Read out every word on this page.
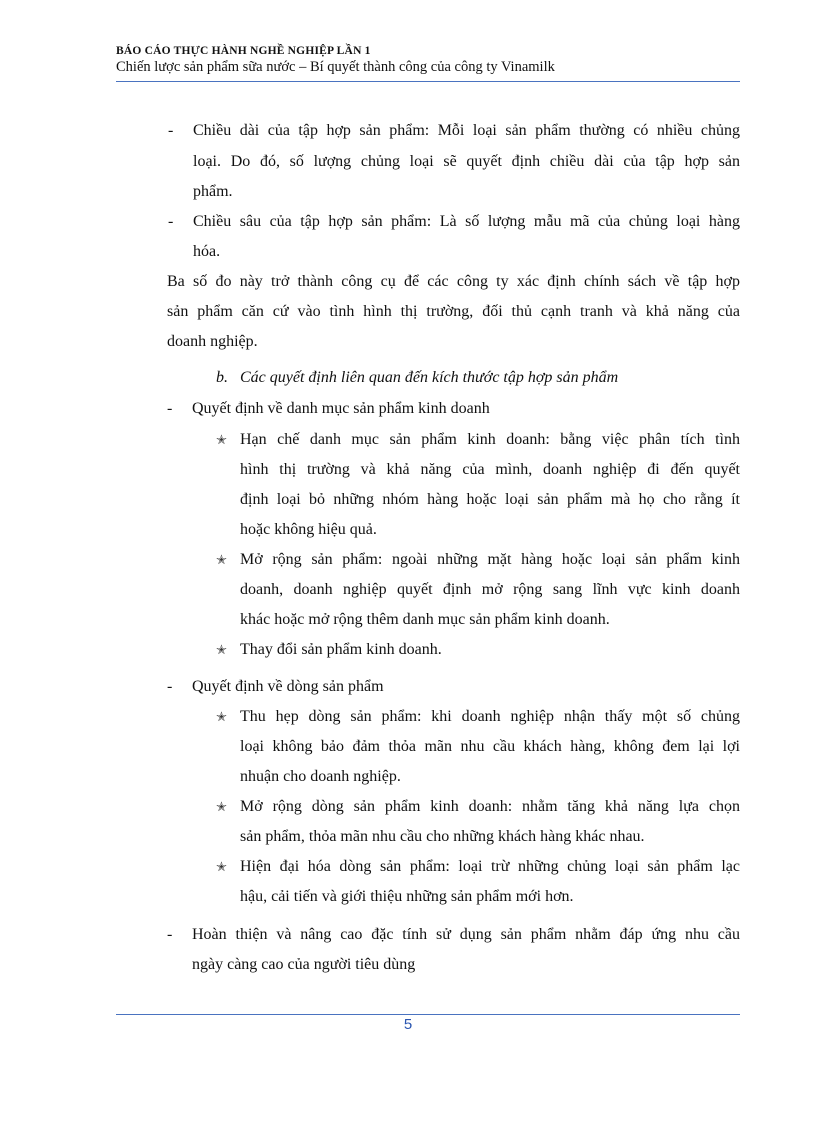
BÁO CÁO THỰC HÀNH NGHỀ NGHIỆP LẦN 1
Chiến lược sản phẩm sữa nước – Bí quyết thành công của công ty Vinamilk
- Chiều dài của tập hợp sản phẩm: Mỗi loại sản phẩm thường có nhiều chủng
loại. Do đó, số lượng chủng loại sẽ quyết định chiều dài của tập hợp sản
phẩm.
- Chiều sâu của tập hợp sản phẩm: Là số lượng mẫu mã của chủng loại hàng
hóa.
Ba số đo này trở thành công cụ để các công ty xác định chính sách về tập hợp
sản phẩm căn cứ vào tình hình thị trường, đối thủ cạnh tranh và khả năng của
doanh nghiệp.
b.   Các quyết định liên quan đến kích thước tập hợp sản phẩm
- Quyết định về danh mục sản phẩm kinh doanh
✭ Hạn chế danh mục sản phẩm kinh doanh: bằng việc phân tích tình
hình thị trường và khả năng của mình, doanh nghiệp đi đến quyết
định loại bỏ những nhóm hàng hoặc loại sản phẩm mà họ cho rằng ít
hoặc không hiệu quả.
✭ Mở rộng sản phẩm: ngoài những mặt hàng hoặc loại sản phẩm kinh
doanh, doanh nghiệp quyết định mở rộng sang lĩnh vực kinh doanh
khác hoặc mở rộng thêm danh mục sản phẩm kinh doanh.
✭ Thay đổi sản phẩm kinh doanh.
- Quyết định về dòng sản phẩm
✭ Thu hẹp dòng sản phẩm: khi doanh nghiệp nhận thấy một số chủng
loại không bảo đảm thỏa mãn nhu cầu khách hàng, không đem lại lợi
nhuận cho doanh nghiệp.
✭ Mở rộng dòng sản phẩm kinh doanh: nhằm tăng khả năng lựa chọn
sản phẩm, thỏa mãn nhu cầu cho những khách hàng khác nhau.
✭ Hiện đại hóa dòng sản phẩm: loại trừ những chủng loại sản phẩm lạc
hậu, cải tiến và giới thiệu những sản phẩm mới hơn.
- Hoàn thiện và nâng cao đặc tính sử dụng sản phẩm nhằm đáp ứng nhu cầu
ngày càng cao của người tiêu dùng
5
